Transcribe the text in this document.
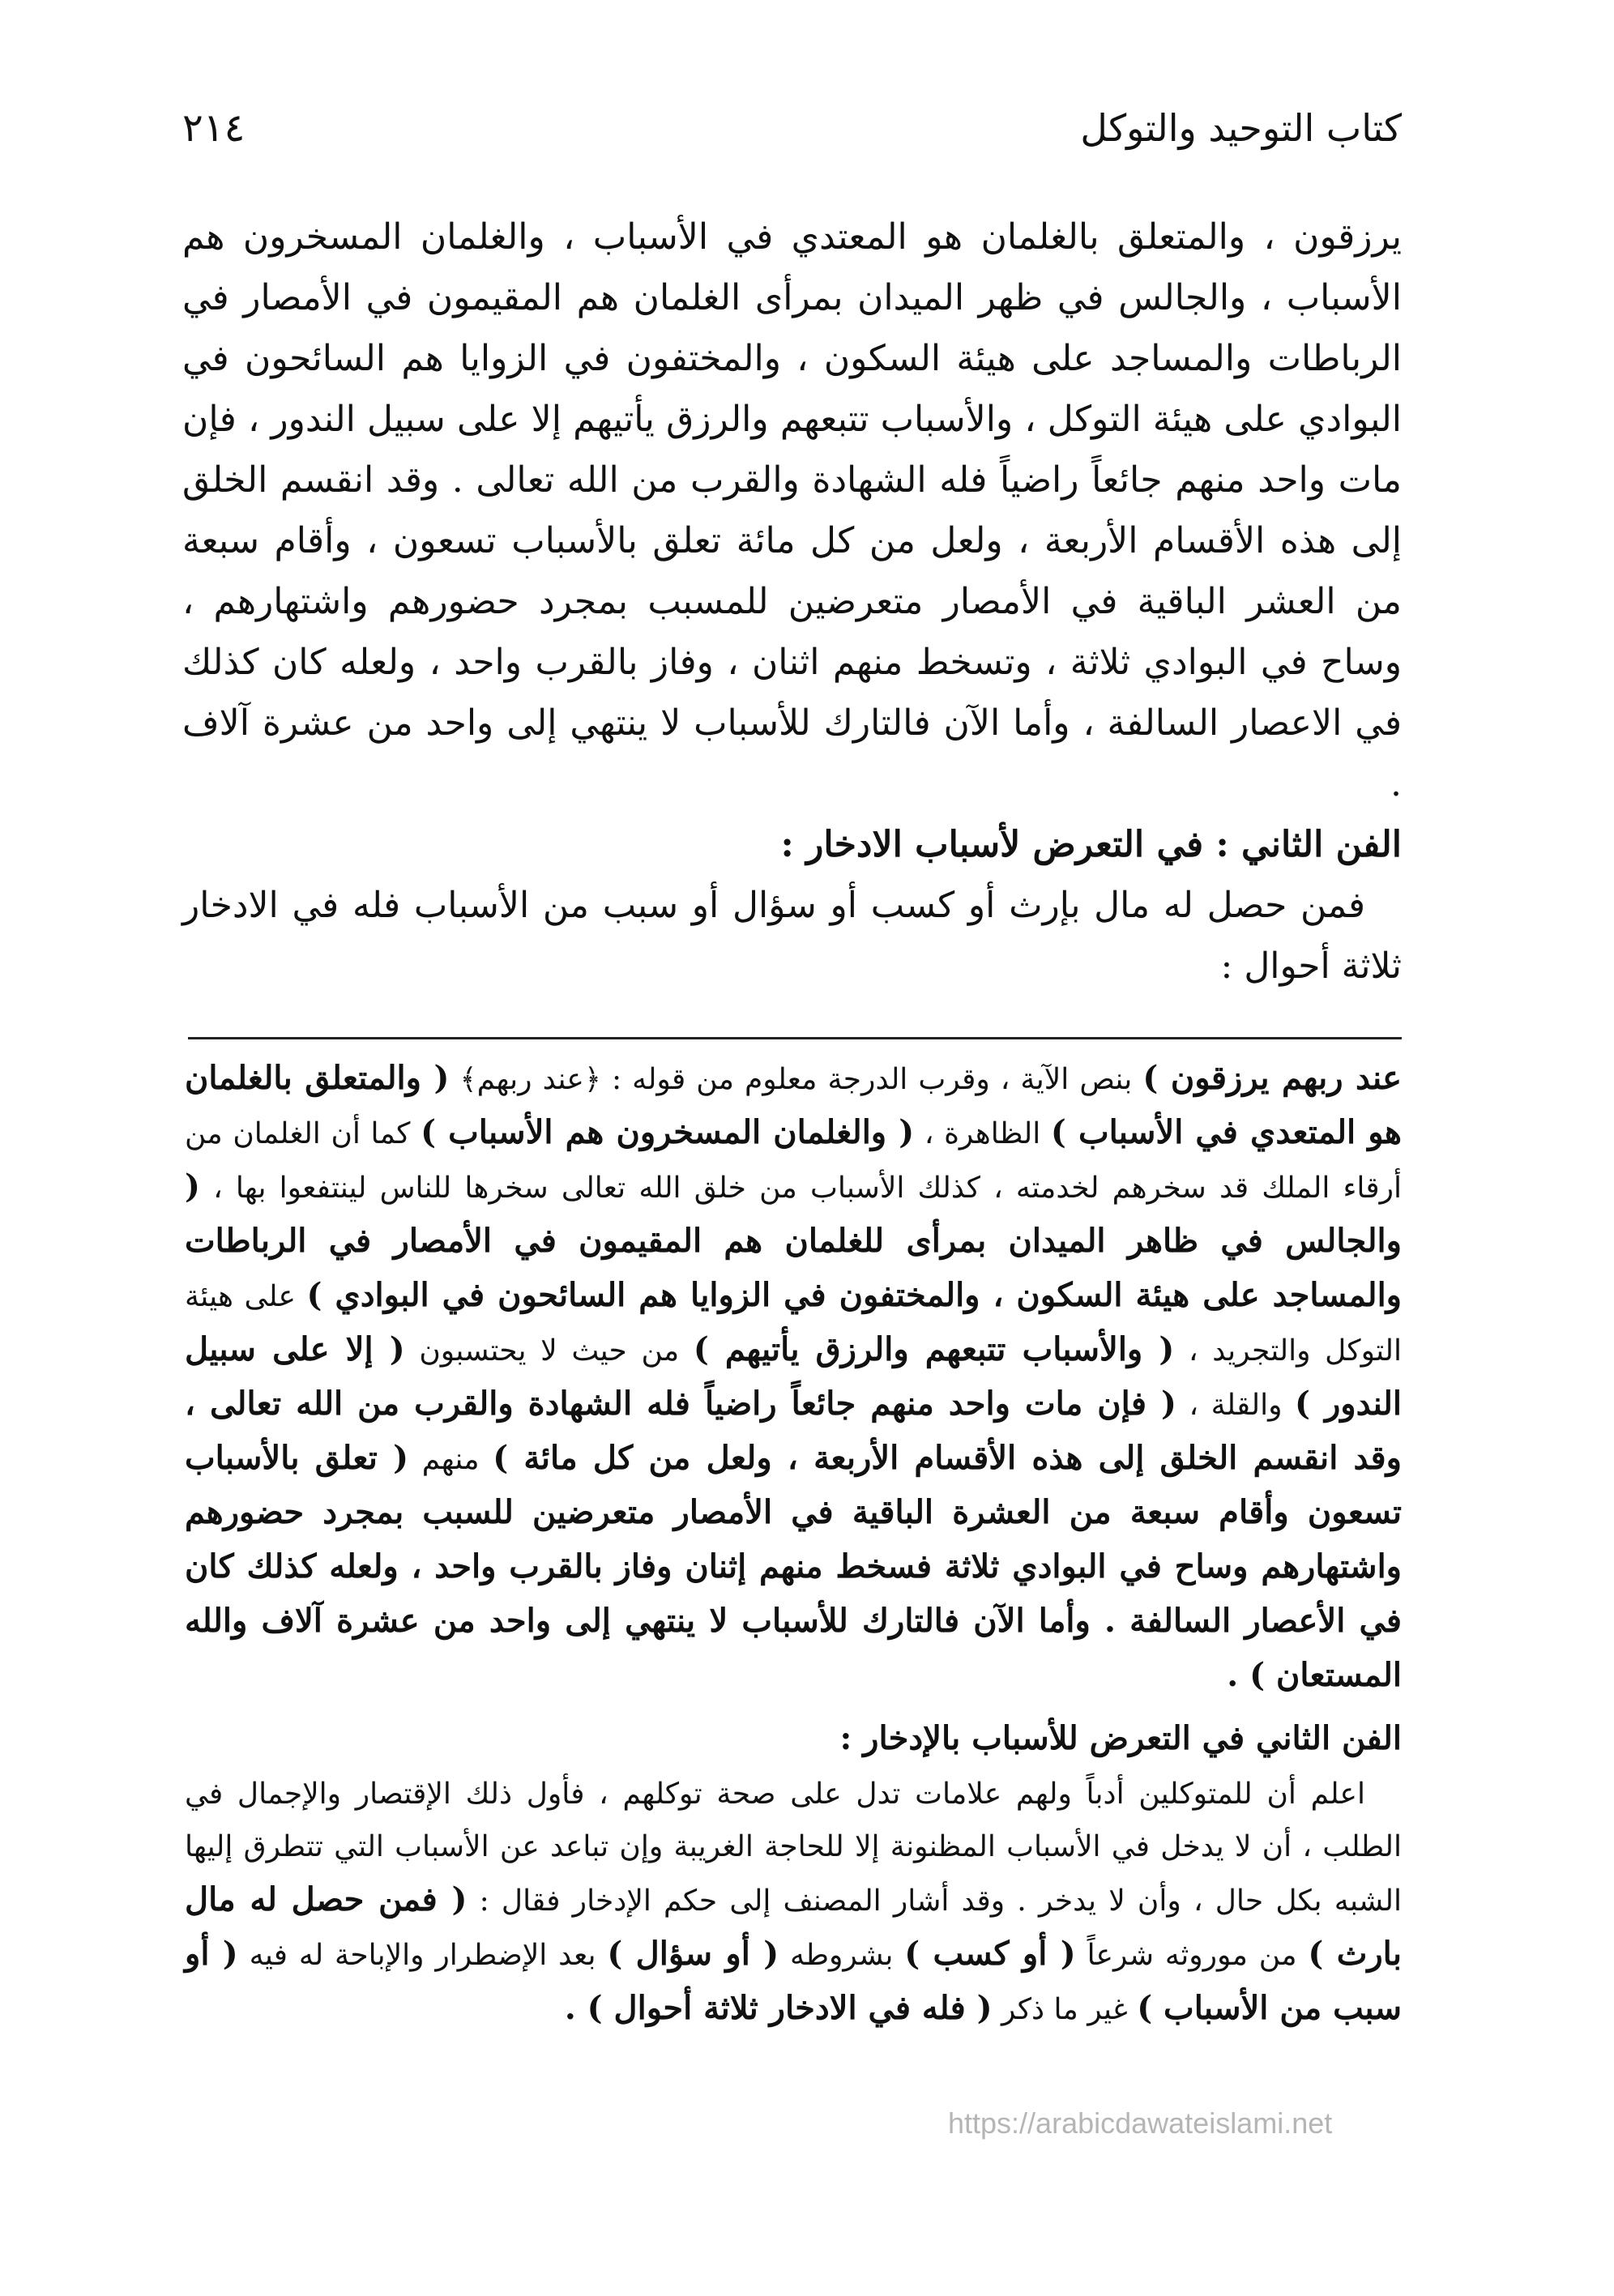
٢١٤	كتاب التوحيد والتوكل

يرزقون ، والمتعلق بالغلمان هو المعتدي في الأسباب ، والغلمان المسخرون هم الأسباب ، والجالس في ظهر الميدان بمرأى الغلمان هم المقيمون في الأمصار في الرباطات والمساجد على هيئة السكون ، والمختفون في الزوايا هم السائحون في البوادي على هيئة التوكل ، والأسباب تتبعهم والرزق يأتيهم إلا على سبيل الندور ، فإن مات واحد منهم جائعاً راضياً فله الشهادة والقرب من الله تعالى . وقد انقسم الخلق إلى هذه الأقسام الأربعة ، ولعل من كل مائة تعلق بالأسباب تسعون ، وأقام سبعة من العشر الباقية في الأمصار متعرضين للمسبب بمجرد حضورهم واشتهارهم ، وساح في البوادي ثلاثة ، وتسخط منهم اثنان ، وفاز بالقرب واحد ، ولعله كان كذلك في الاعصار السالفة ، وأما الآن فالتارك للأسباب لا ينتهي إلى واحد من عشرة آلاف .

الفن الثاني : في التعرض لأسباب الادخار :

فمن حصل له مال بإرث أو كسب أو سؤال أو سبب من الأسباب فله في الادخار ثلاثة أحوال :

عند ربهم يرزقون ) بنص الآية ، وقرب الدرجة معلوم من قوله : ﴿عند ربهم﴾ ( والمتعلق بالغلمان هو المتعدي في الأسباب ) الظاهرة ، ( والغلمان المسخرون هم الأسباب ) كما أن الغلمان من أرقاء الملك قد سخرهم لخدمته ، كذلك الأسباب من خلق الله تعالى سخرها للناس لينتفعوا بها ، ( والجالس في ظاهر الميدان بمرأى للغلمان هم المقيمون في الأمصار في الرباطات والمساجد على هيئة السكون ، والمختفون في الزوايا هم السائحون في البوادي ) على هيئة التوكل والتجريد ، ( والأسباب تتبعهم والرزق يأتيهم ) من حيث لا يحتسبون ( إلا على سبيل الندور ) والقلة ، ( فإن مات واحد منهم جائعاً راضياً فله الشهادة والقرب من الله تعالى ، وقد انقسم الخلق إلى هذه الأقسام الأربعة ، ولعل من كل مائة ) منهم ( تعلق بالأسباب تسعون وأقام سبعة من العشرة الباقية في الأمصار متعرضين للسبب بمجرد حضورهم واشتهارهم وساح في البوادي ثلاثة فسخط منهم إثنان وفاز بالقرب واحد ، ولعله كذلك كان في الأعصار السالفة . وأما الآن فالتارك للأسباب لا ينتهي إلى واحد من عشرة آلاف والله المستعان ) .

الفن الثاني في التعرض للأسباب بالإدخار :

اعلم أن للمتوكلين أدباً ولهم علامات تدل على صحة توكلهم ، فأول ذلك الإقتصار والإجمال في الطلب ، أن لا يدخل في الأسباب المظنونة إلا للحاجة الغريبة وإن تباعد عن الأسباب التي تتطرق إليها الشبه بكل حال ، وأن لا يدخر . وقد أشار المصنف إلى حكم الإدخار فقال : ( فمن حصل له مال بارث ) من موروثه شرعاً ( أو كسب ) بشروطه ( أو سؤال ) بعد الإضطرار والإباحة له فيه ( أو سبب من الأسباب ) غير ما ذكر ( فله في الادخار ثلاثة أحوال ) .

https://arabicdawateislami.net
